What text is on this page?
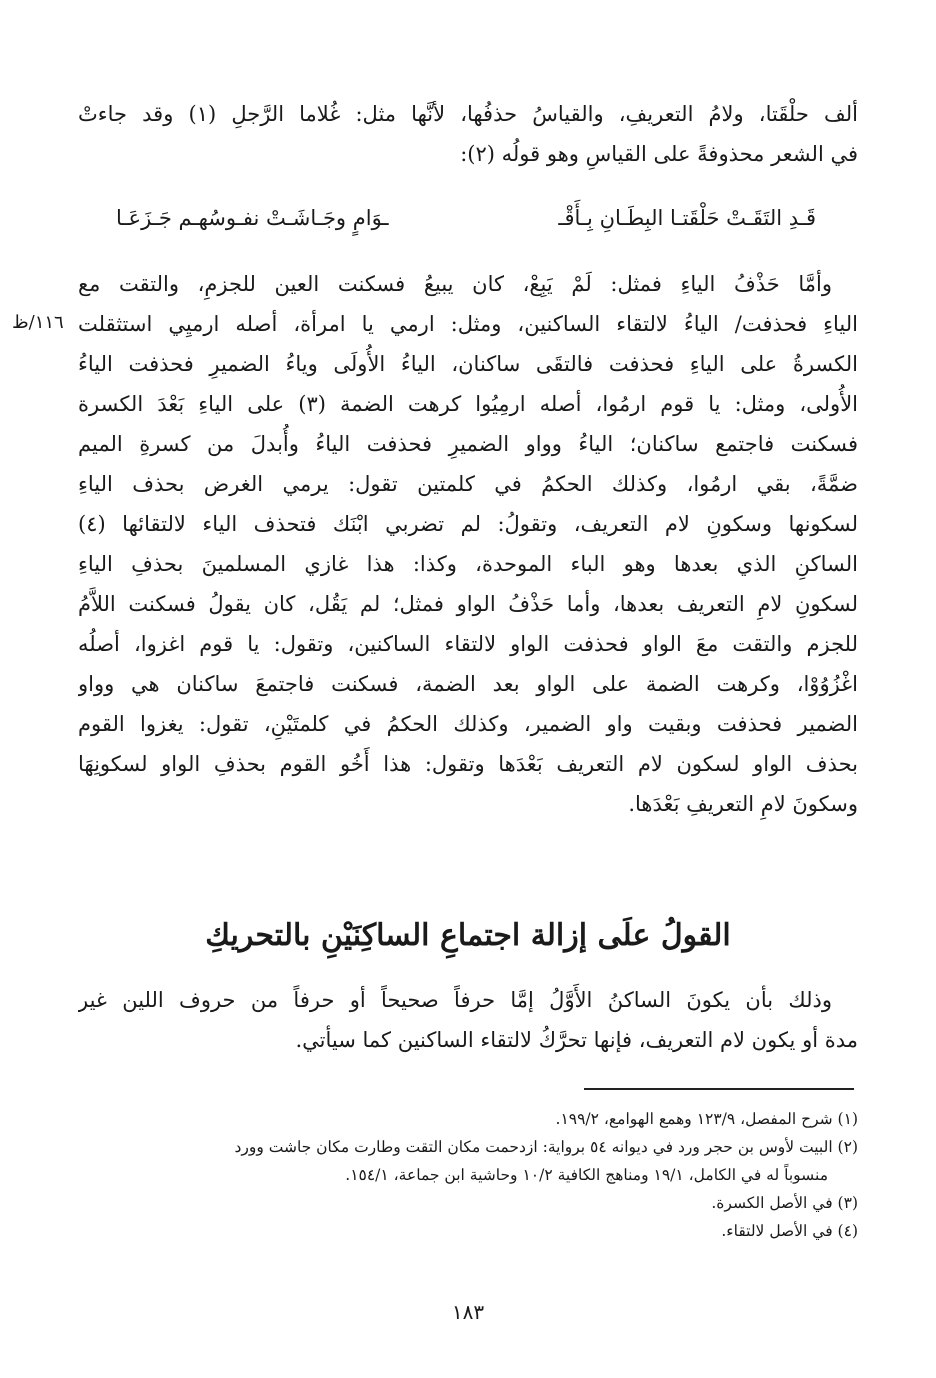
ألف حلْقَتا، ولامُ التعريفِ، والقياسُ حذفُها، لأنَّها مثل: غُلاما الرَّجلِ (١) وقد جاءتْ
في الشعر محذوفةً على القياسِ وهو قولُه (٢):
قَـدِ التَقَـتْ حَلْقَتـا البِطَـانِ بِـأَقْـ
ـوَامٍ وجَـاشَـتْ نفـوسُهـم جَـزَعَـا
وأمَّا حَذْفُ الياءِ فمثل: لَمْ يَبِعْ، كان يبيعُ فسكنت العين للجزمِ، والتقت مع
الياءِ فحذفت/ الياءُ لالتقاء الساكنين، ومثل: ارمي يا امرأة، أصله ارميِي استثقلت
الكسرةُ على الياءِ فحذفت فالتقَى ساكنان، الياءُ الأُولَى وياءُ الضميرِ فحذفت الياءُ
الأُولى، ومثل: يا قوم ارمُوا، أصله ارمِيُوا كرهت الضمة (٣) على الياءِ بَعْدَ الكسرة
فسكنت فاجتمع ساكنان؛ الياءُ وواو الضميرِ فحذفت الياءُ وأُبدلَ من كسرةِ الميم
ضمَّةً، بقي ارمُوا، وكذلك الحكمُ في كلمتين تقول: يرمي الغرض بحذف الياءِ
لسكونها وسكونِ لام التعريف، وتقولُ: لم تضربي ابْنَك فتحذف الياء لالتقائها (٤)
الساكنِ الذي بعدها وهو الباء الموحدة، وكذا: هذا غازي المسلمينَ بحذفِ الياءِ
لسكونِ لامِ التعريف بعدها، وأما حَذْفُ الواو فمثل؛ لم يَقُل، كان يقولُ فسكنت اللاَّمُ
للجزم والتقت معَ الواو فحذفت الواو لالتقاء الساكنين، وتقول: يا قوم اغزوا، أصلُه
اغْزُوُوْا، وكرهت الضمة على الواو بعد الضمة، فسكنت فاجتمعَ ساكنان هي وواو
الضمير فحذفت وبقيت واو الضمير، وكذلك الحكمُ في كلمتَيْنِ، تقول: يغزوا القوم
بحذف الواو لسكون لام التعريف بَعْدَها وتقول: هذا أَخُو القوم بحذفِ الواو لسكونِهَا
وسكونَ لامِ التعريفِ بَعْدَها.
١١٦/ظ
القولُ علَى إزالة اجتماعِ الساكِنَيْنِ بالتحريكِ
وذلك بأن يكونَ الساكنُ الأَوَّلُ إمَّا حرفاً صحيحاً أو حرفاً من حروف اللين غير
مدة أو يكون لام التعريف، فإنها تحرَّكُ لالتقاء الساكنين كما سيأتي.
(١) شرح المفصل، ١٢٣/٩ وهمع الهوامع، ١٩٩/٢.
(٢) البيت لأوس بن حجر ورد في ديوانه ٥٤ برواية: ازدحمت مكان التقت وطارت مكان جاشت وورد
منسوباً له في الكامل، ١٩/١ ومناهج الكافية ١٠/٢ وحاشية ابن جماعة، ١٥٤/١.
(٣) في الأصل الكسرة.
(٤) في الأصل لالتقاء.
١٨٣
